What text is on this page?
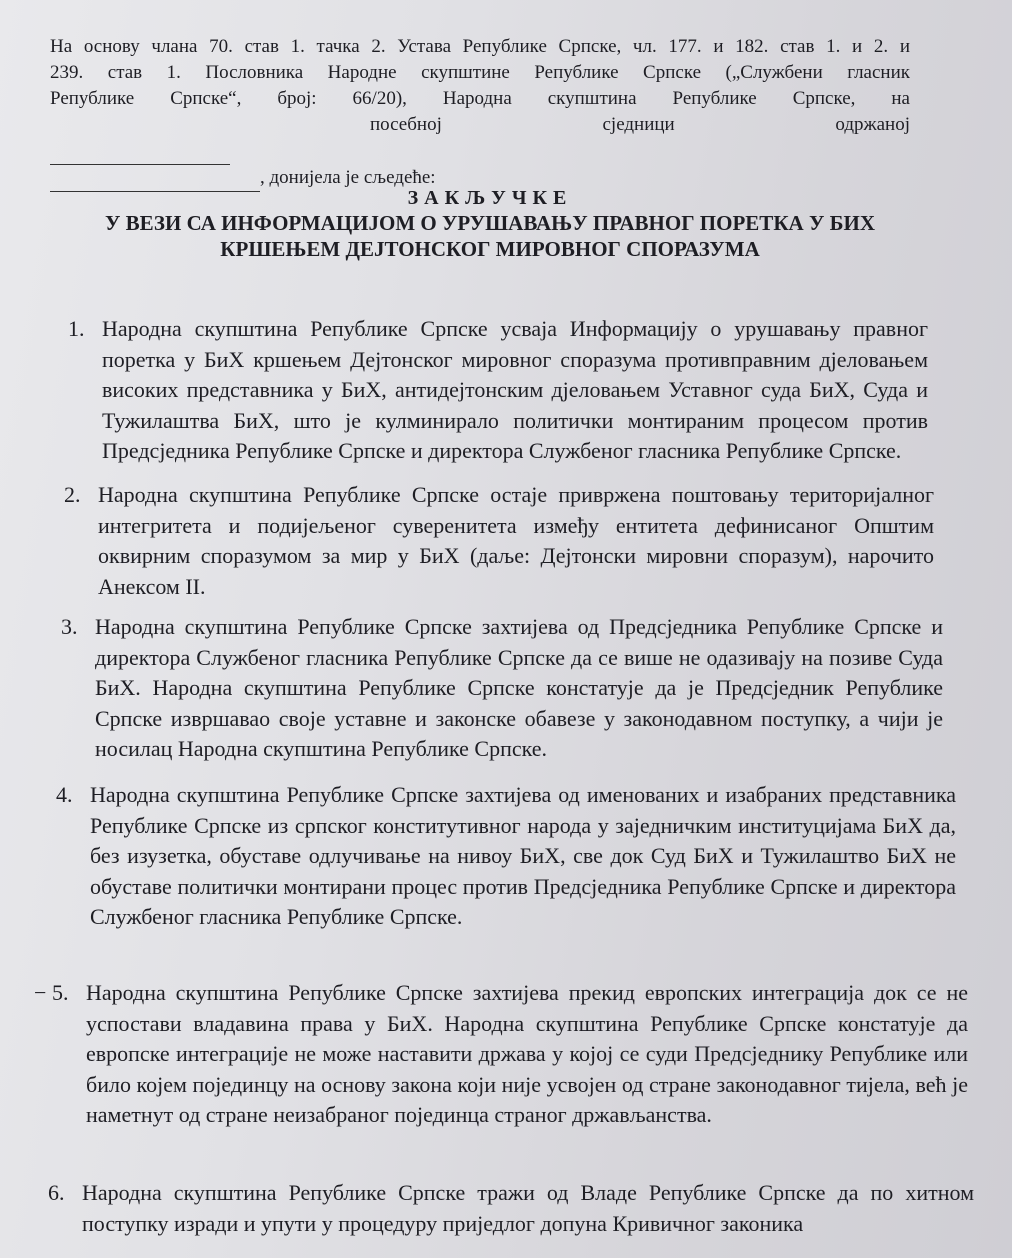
На основу члана 70. став 1. тачка 2. Устава Републике Српске, чл. 177. и 182. став 1. и 2. и
239. став 1. Пословника Народне скупштине Републике Српске („Службени гласник
Републике Српске“, број: 66/20), Народна скупштина Републике Српске, на
посебној сједници одржаној

, донијела је сљедеће:
ЗАКЉУЧКЕ
У ВЕЗИ СА ИНФОРМАЦИЈОМ О УРУШАВАЊУ ПРАВНОГ ПОРЕТКА У БИХ
КРШЕЊЕМ ДЕЈТОНСКОГ МИРОВНОГ СПОРАЗУМА
1. Народна скупштина Републике Српске усваја Информацију о урушавању правног поретка у БиХ кршењем Дејтонског мировног споразума противправним дјеловањем високих представника у БиХ, антидејтонским дјеловањем Уставног суда БиХ, Суда и Тужилаштва БиХ, што је кулминирало политички монтираним процесом против Предсједника Републике Српске и директора Службеног гласника Републике Српске.
2. Народна скупштина Републике Српске остаје привржена поштовању територијалног интегритета и подијељеног суверенитета између ентитета дефинисаног Општим оквирним споразумом за мир у БиХ (даље: Дејтонски мировни споразум), нарочито Анексом II.
3. Народна скупштина Републике Српске захтијева од Предсједника Републике Српске и директора Службеног гласника Републике Српске да се више не одазивају на позиве Суда БиХ. Народна скупштина Републике Српске констатује да је Предсједник Републике Српске извршавао своје уставне и законске обавезе у законодавном поступку, а чији је носилац Народна скупштина Републике Српске.
4. Народна скупштина Републике Српске захтијева од именованих и изабраних представника Републике Српске из српског конститутивног народа у заједничким институцијама БиХ да, без изузетка, обуставе одлучивање на нивоу БиХ, све док Суд БиХ и Тужилаштво БиХ не обуставе политички монтирани процес против Предсједника Републике Српске и директора Службеног гласника Републике Српске.
− 5. Народна скупштина Републике Српске захтијева прекид европских интеграција док се не успостави владавина права у БиХ. Народна скупштина Републике Српске констатује да европске интеграције не може наставити држава у којој се суди Предсједнику Републике или било којем појединцу на основу закона који није усвојен од стране законодавног тијела, већ је наметнут од стране неизабраног појединца страног држављанства.
6. Народна скупштина Републике Српске тражи од Владе Републике Српске да по хитном поступку изради и упути у процедуру приједлог допуна Кривичног законика
